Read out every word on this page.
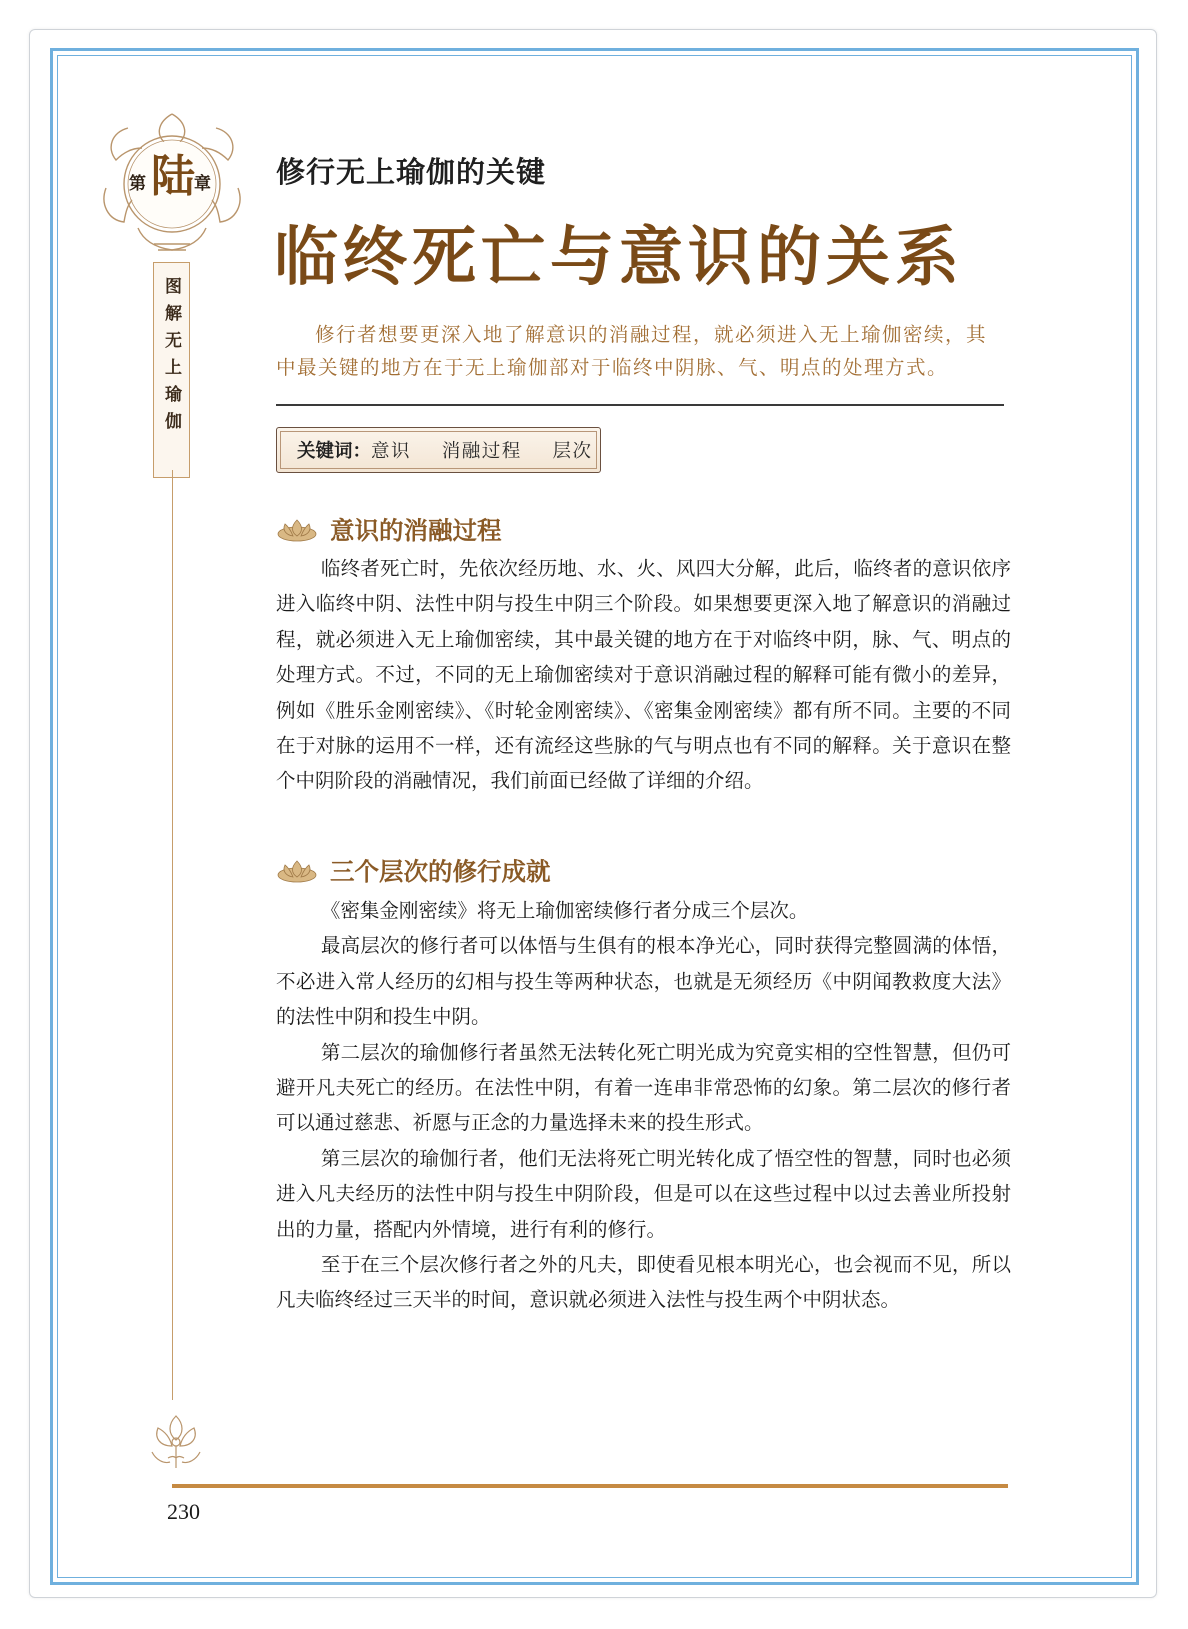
第 陆 章
图解无上瑜伽
修行无上瑜伽的关键
临终死亡与意识的关系
修行者想要更深入地了解意识的消融过程，就必须进入无上瑜伽密续，其中最关键的地方在于无上瑜伽部对于临终中阴脉、气、明点的处理方式。
关键词： 意识  消融过程  层次
意识的消融过程

临终者死亡时，先依次经历地、水、火、风四大分解，此后，临终者的意识依序进入临终中阴、法性中阴与投生中阴三个阶段。如果想要更深入地了解意识的消融过程，就必须进入无上瑜伽密续，其中最关键的地方在于对临终中阴，脉、气、明点的处理方式。不过，不同的无上瑜伽密续对于意识消融过程的解释可能有微小的差异，例如《胜乐金刚密续》、《时轮金刚密续》、《密集金刚密续》都有所不同。主要的不同在于对脉的运用不一样，还有流经这些脉的气与明点也有不同的解释。关于意识在整个中阴阶段的消融情况，我们前面已经做了详细的介绍。

三个层次的修行成就

《密集金刚密续》将无上瑜伽密续修行者分成三个层次。

最高层次的修行者可以体悟与生俱有的根本净光心，同时获得完整圆满的体悟，不必进入常人经历的幻相与投生等两种状态，也就是无须经历《中阴闻教救度大法》的法性中阴和投生中阴。

第二层次的瑜伽修行者虽然无法转化死亡明光成为究竟实相的空性智慧，但仍可避开凡夫死亡的经历。在法性中阴，有着一连串非常恐怖的幻象。第二层次的修行者可以通过慈悲、祈愿与正念的力量选择未来的投生形式。

第三层次的瑜伽行者，他们无法将死亡明光转化成了悟空性的智慧，同时也必须进入凡夫经历的法性中阴与投生中阴阶段，但是可以在这些过程中以过去善业所投射出的力量，搭配内外情境，进行有利的修行。

至于在三个层次修行者之外的凡夫，即使看见根本明光心，也会视而不见，所以凡夫临终经过三天半的时间，意识就必须进入法性与投生两个中阴状态。

230
